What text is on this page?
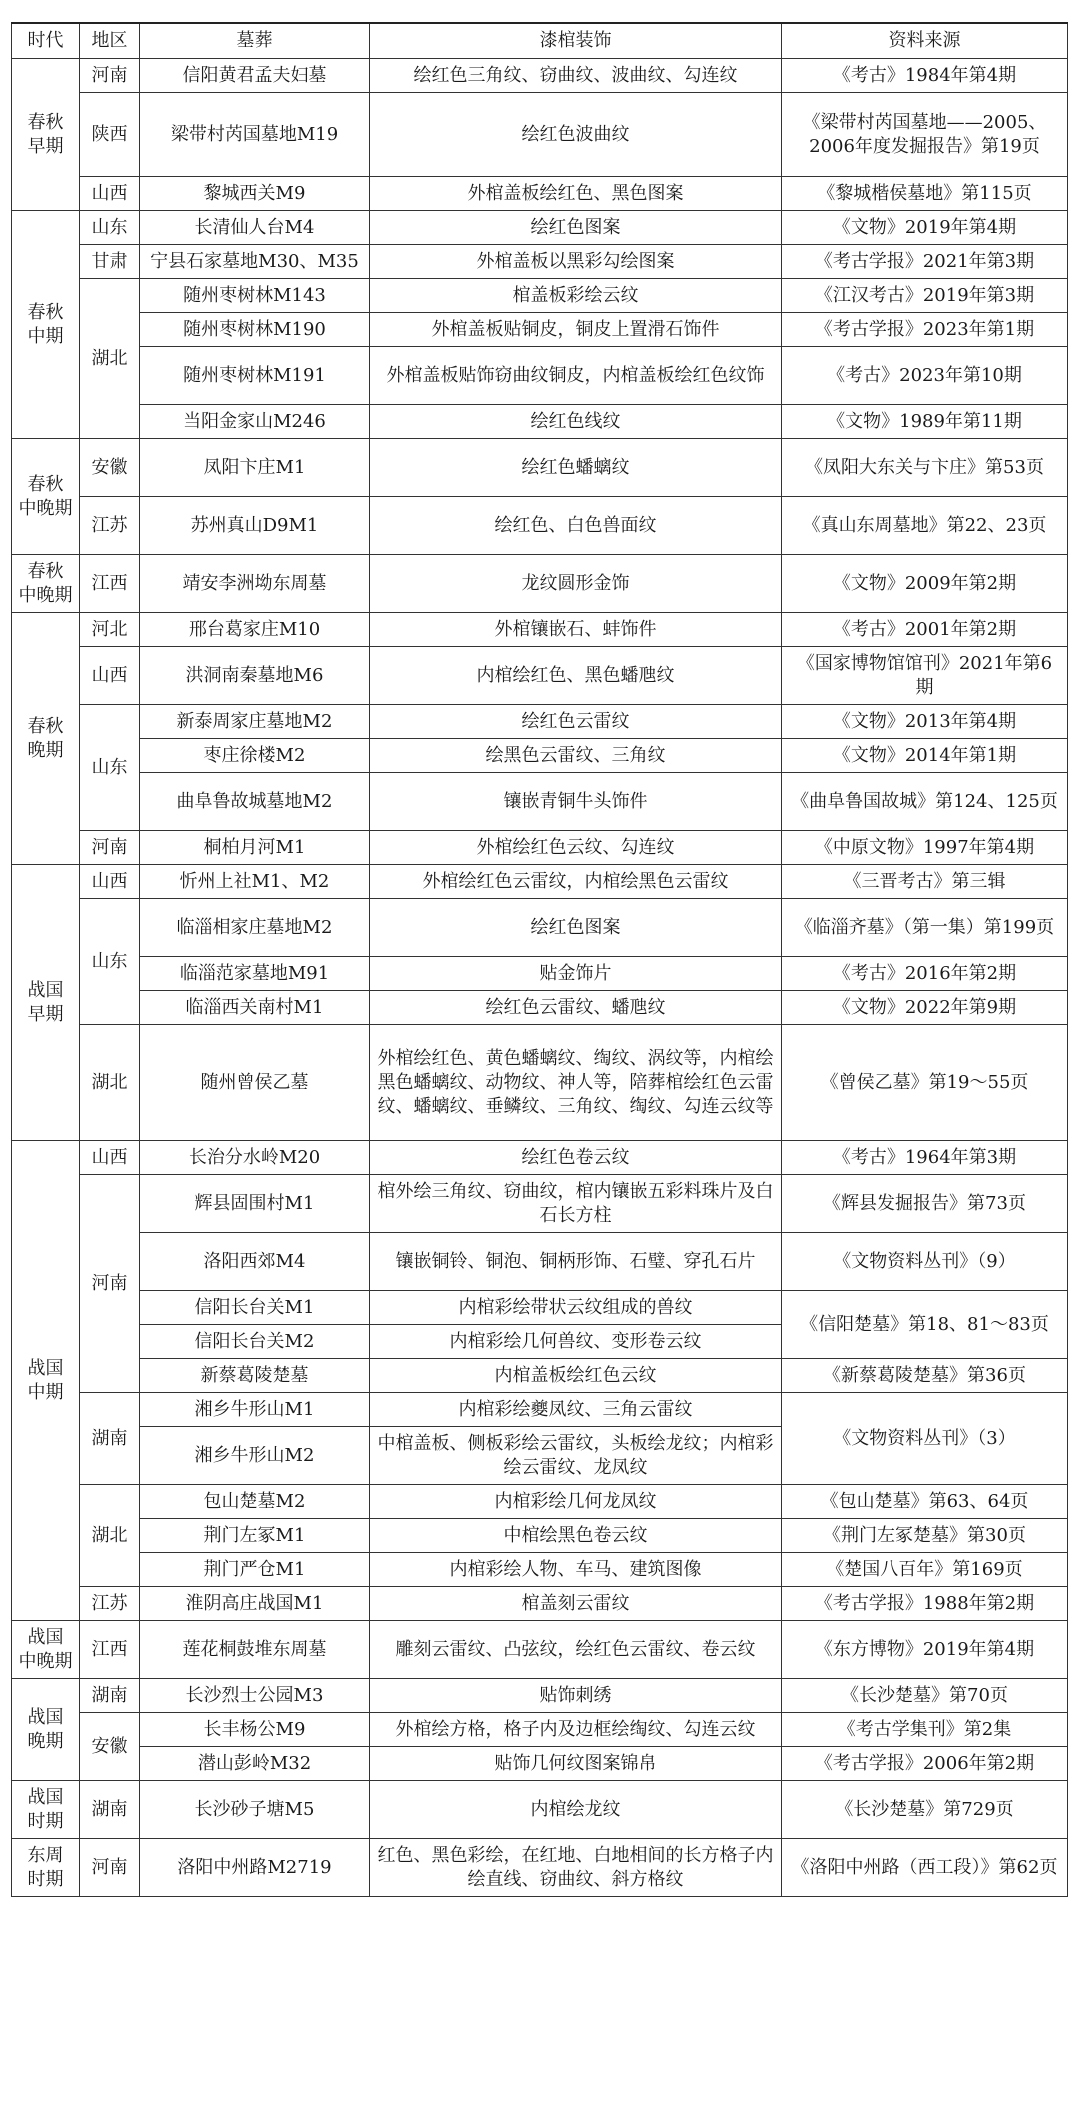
时代	地区	墓葬	漆棺装饰	资料来源
春秋
早期	河南	信阳黄君孟夫妇墓	绘红色三角纹、窃曲纹、波曲纹、勾连纹	《考古》1984年第4期
	陕西	梁带村芮国墓地M19	绘红色波曲纹	《梁带村芮国墓地——2005、2006年度发掘报告》第19页
	山西	黎城西关M9	外棺盖板绘红色、黑色图案	《黎城楷侯墓地》第115页
春秋
中期	山东	长清仙人台M4	绘红色图案	《文物》2019年第4期
	甘肃	宁县石家墓地M30、M35	外棺盖板以黑彩勾绘图案	《考古学报》2021年第3期
	湖北	随州枣树林M143	棺盖板彩绘云纹	《江汉考古》2019年第3期
		随州枣树林M190	外棺盖板贴铜皮，铜皮上置滑石饰件	《考古学报》2023年第1期
		随州枣树林M191	外棺盖板贴饰窃曲纹铜皮，内棺盖板绘红色纹饰	《考古》2023年第10期
		当阳金家山M246	绘红色线纹	《文物》1989年第11期
春秋
中晚期	安徽	凤阳卞庄M1	绘红色蟠螭纹	《凤阳大东关与卞庄》第53页
	江苏	苏州真山D9M1	绘红色、白色兽面纹	《真山东周墓地》第22、23页
春秋
中晚期	江西	靖安李洲坳东周墓	龙纹圆形金饰	《文物》2009年第2期
春秋
晚期	河北	邢台葛家庄M10	外棺镶嵌石、蚌饰件	《考古》2001年第2期
	山西	洪洞南秦墓地M6	内棺绘红色、黑色蟠虺纹	《国家博物馆馆刊》2021年第6期
	山东	新泰周家庄墓地M2	绘红色云雷纹	《文物》2013年第4期
		枣庄徐楼M2	绘黑色云雷纹、三角纹	《文物》2014年第1期
		曲阜鲁故城墓地M2	镶嵌青铜牛头饰件	《曲阜鲁国故城》第124、125页
	河南	桐柏月河M1	外棺绘红色云纹、勾连纹	《中原文物》1997年第4期
战国
早期	山西	忻州上社M1、M2	外棺绘红色云雷纹，内棺绘黑色云雷纹	《三晋考古》第三辑
	山东	临淄相家庄墓地M2	绘红色图案	《临淄齐墓》（第一集）第199页
		临淄范家墓地M91	贴金饰片	《考古》2016年第2期
		临淄西关南村M1	绘红色云雷纹、蟠虺纹	《文物》2022年第9期
	湖北	随州曾侯乙墓	外棺绘红色、黄色蟠螭纹、绹纹、涡纹等，内棺绘黑色蟠螭纹、动物纹、神人等，陪葬棺绘红色云雷纹、蟠螭纹、垂鳞纹、三角纹、绹纹、勾连云纹等	《曾侯乙墓》第19～55页
战国
中期	山西	长治分水岭M20	绘红色卷云纹	《考古》1964年第3期
	河南	辉县固围村M1	棺外绘三角纹、窃曲纹，棺内镶嵌五彩料珠片及白石长方柱	《辉县发掘报告》第73页
		洛阳西郊M4	镶嵌铜铃、铜泡、铜柄形饰、石璧、穿孔石片	《文物资料丛刊》（9）
		信阳长台关M1	内棺彩绘带状云纹组成的兽纹	《信阳楚墓》第18、81～83页
		信阳长台关M2	内棺彩绘几何兽纹、变形卷云纹	
		新蔡葛陵楚墓	内棺盖板绘红色云纹	《新蔡葛陵楚墓》第36页
	湖南	湘乡牛形山M1	内棺彩绘夔凤纹、三角云雷纹	《文物资料丛刊》（3）
		湘乡牛形山M2	中棺盖板、侧板彩绘云雷纹，头板绘龙纹；内棺彩绘云雷纹、龙凤纹	
	湖北	包山楚墓M2	内棺彩绘几何龙凤纹	《包山楚墓》第63、64页
		荆门左冢M1	中棺绘黑色卷云纹	《荆门左冢楚墓》第30页
		荆门严仓M1	内棺彩绘人物、车马、建筑图像	《楚国八百年》第169页
	江苏	淮阴高庄战国M1	棺盖刻云雷纹	《考古学报》1988年第2期
战国
中晚期	江西	莲花桐鼓堆东周墓	雕刻云雷纹、凸弦纹，绘红色云雷纹、卷云纹	《东方博物》2019年第4期
战国
晚期	湖南	长沙烈士公园M3	贴饰刺绣	《长沙楚墓》第70页
	安徽	长丰杨公M9	外棺绘方格，格子内及边框绘绹纹、勾连云纹	《考古学集刊》第2集
		潜山彭岭M32	贴饰几何纹图案锦帛	《考古学报》2006年第2期
战国
时期	湖南	长沙砂子塘M5	内棺绘龙纹	《长沙楚墓》第729页
东周
时期	河南	洛阳中州路M2719	红色、黑色彩绘，在红地、白地相间的长方格子内绘直线、窃曲纹、斜方格纹	《洛阳中州路（西工段）》第62页
